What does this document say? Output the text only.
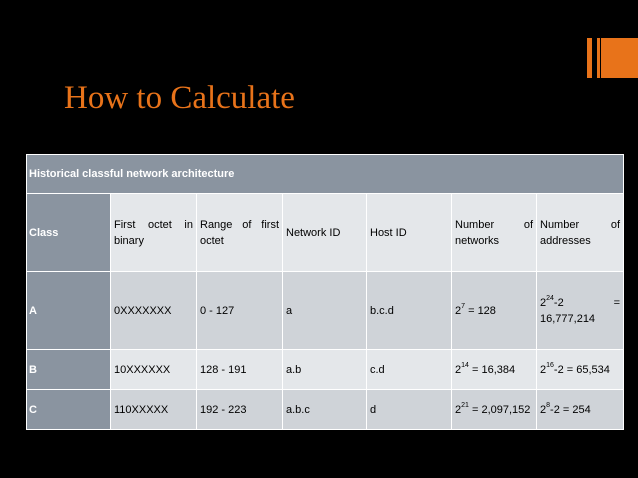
How to Calculate
Historical classful network architecture						
Class	First octet in binary	Range of first octet	Network ID	Host ID	Number of networks	Number of addresses
A	0XXXXXXX	0 - 127	a	b.c.d	$2^7 = 128$	$2^{24}-2 = 16,777,214$
B	10XXXXXX	128 - 191	a.b	c.d	$2^{14} = 16,384$	$2^{16}-2 = 65,534$
C	110XXXXX	192 - 223	a.b.c	d	$2^{21} = 2,097,152$	$2^8-2 = 254$
